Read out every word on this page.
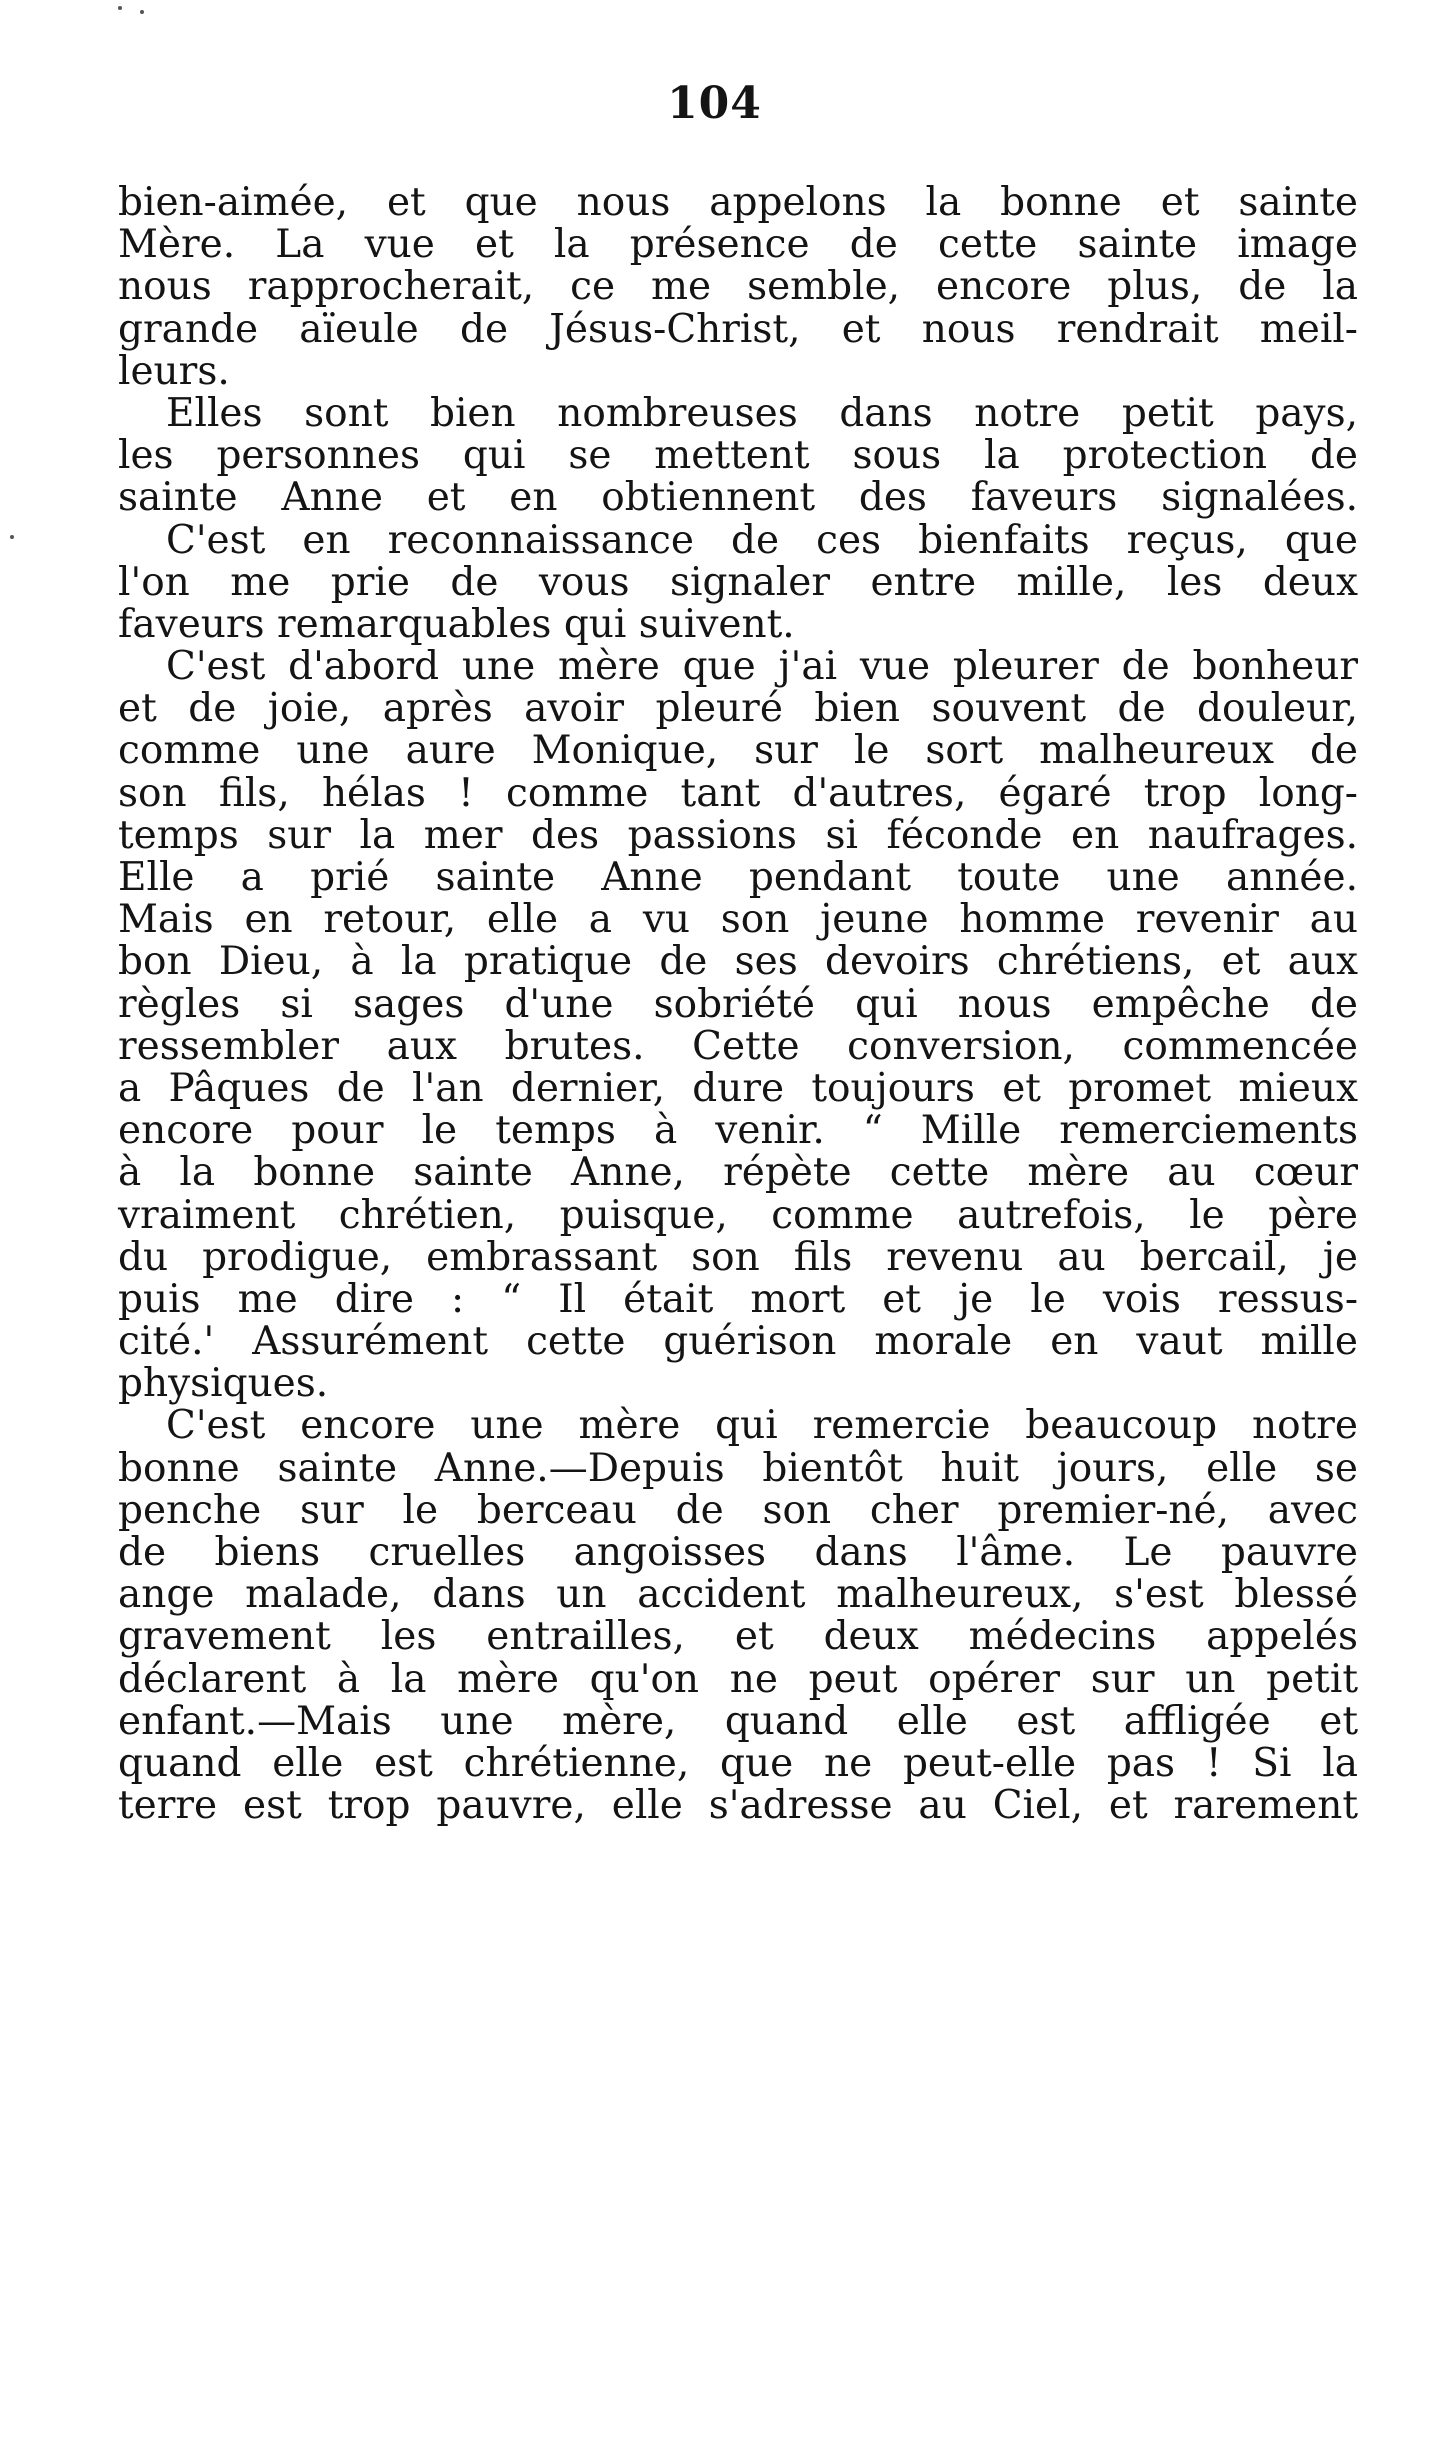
104
bien-aimée, et que nous appelons la bonne et sainte
Mère. La vue et la présence de cette sainte image
nous rapprocherait, ce me semble, encore plus, de la
grande aïeule de Jésus-Christ, et nous rendrait meil-
leurs.
Elles sont bien nombreuses dans notre petit pays,
les personnes qui se mettent sous la protection de
sainte Anne et en obtiennent des faveurs signalées.
C'est en reconnaissance de ces bienfaits reçus, que
l'on me prie de vous signaler entre mille, les deux
faveurs remarquables qui suivent.
C'est d'abord une mère que j'ai vue pleurer de bonheur
et de joie, après avoir pleuré bien souvent de douleur,
comme une aure Monique, sur le sort malheureux de
son fils, hélas ! comme tant d'autres, égaré trop long-
temps sur la mer des passions si féconde en naufrages.
Elle a prié sainte Anne pendant toute une année.
Mais en retour, elle a vu son jeune homme revenir au
bon Dieu, à la pratique de ses devoirs chrétiens, et aux
règles si sages d'une sobriété qui nous empêche de
ressembler aux brutes. Cette conversion, commencée
a Pâques de l'an dernier, dure toujours et promet mieux
encore pour le temps à venir. “ Mille remerciements
à la bonne sainte Anne, répète cette mère au cœur
vraiment chrétien, puisque, comme autrefois, le père
du prodigue, embrassant son fils revenu au bercail, je
puis me dire : “ Il était mort et je le vois ressus-
cité.' Assurément cette guérison morale en vaut mille
physiques.
C'est encore une mère qui remercie beaucoup notre
bonne sainte Anne.—Depuis bientôt huit jours, elle se
penche sur le berceau de son cher premier-né, avec
de biens cruelles angoisses dans l'âme. Le pauvre
ange malade, dans un accident malheureux, s'est blessé
gravement les entrailles, et deux médecins appelés
déclarent à la mère qu'on ne peut opérer sur un petit
enfant.—Mais une mère, quand elle est affligée et
quand elle est chrétienne, que ne peut-elle pas ! Si la
terre est trop pauvre, elle s'adresse au Ciel, et rarement
